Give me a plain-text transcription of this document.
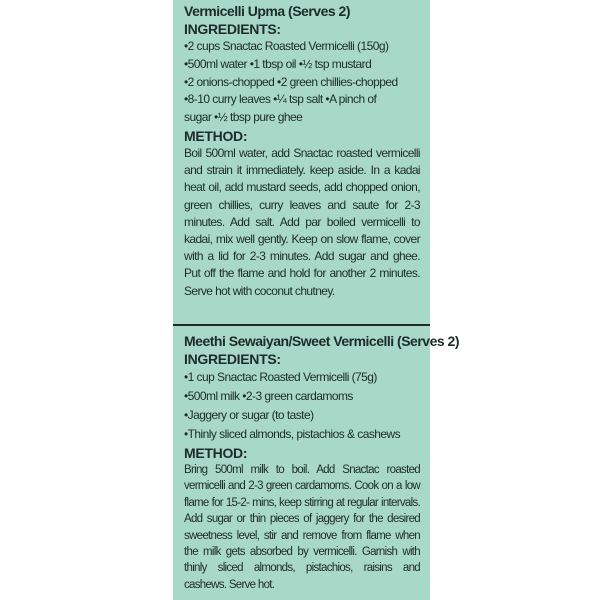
Vermicelli Upma (Serves 2)

INGREDIENTS:

•2 cups Snactac Roasted Vermicelli (150g)

•500ml water •1 tbsp oil •½ tsp mustard

•2 onions-chopped •2 green chillies-chopped

•8-10 curry leaves •¼ tsp salt •A pinch of

sugar •½ tbsp pure ghee

METHOD:

Boil 500ml water, add Snactac roasted vermicelli and strain it immediately. keep aside. In a kadai heat oil, add mustard seeds, add chopped onion, green chillies, curry leaves and saute for 2-3 minutes. Add salt. Add par boiled vermicelli to kadai, mix well gently. Keep on slow flame, cover with a lid for 2-3 minutes. Add sugar and ghee. Put off the flame and hold for another 2 minutes. Serve hot with coconut chutney.

Meethi Sewaiyan/Sweet Vermicelli (Serves 2)

INGREDIENTS:

•1 cup Snactac Roasted Vermicelli (75g)

•500ml milk •2-3 green cardamoms

•Jaggery or sugar (to taste)

•Thinly sliced almonds, pistachios & cashews

METHOD:

Bring 500ml milk to boil. Add Snactac roasted vermicelli and 2-3 green cardamoms. Cook on a low flame for 15-2- mins, keep stirring at regular intervals. Add sugar or thin pieces of jaggery for the desired sweetness level, stir and remove from flame when the milk gets absorbed by vermicelli. Garnish with thinly sliced almonds, pistachios, raisins and cashews. Serve hot.
